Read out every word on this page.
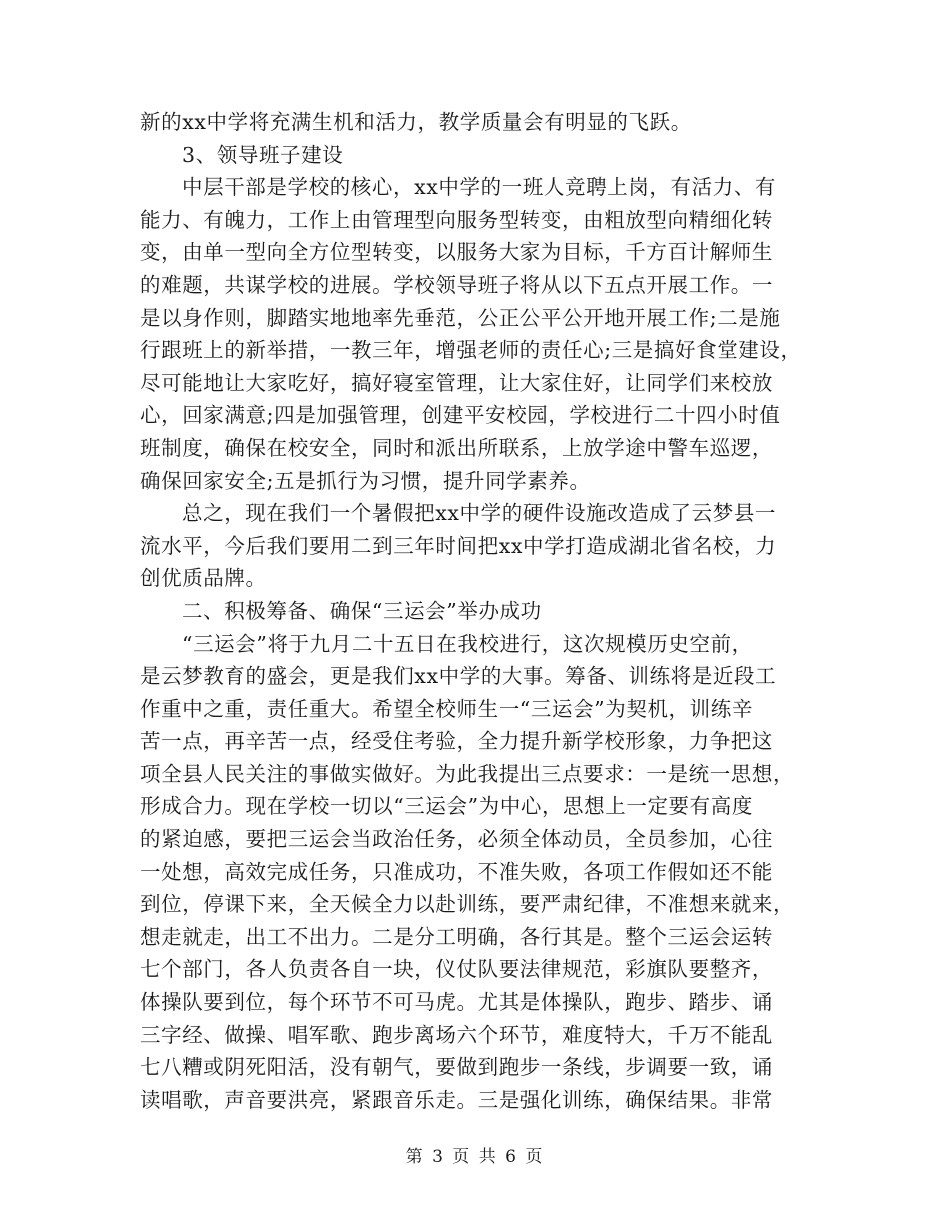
新的xx中学将充满生机和活力，教学质量会有明显的飞跃。
3、领导班子建设
中层干部是学校的核心，xx中学的一班人竞聘上岗，有活力、有
能力、有魄力，工作上由管理型向服务型转变，由粗放型向精细化转
变，由单一型向全方位型转变，以服务大家为目标，千方百计解师生
的难题，共谋学校的进展。学校领导班子将从以下五点开展工作。一
是以身作则，脚踏实地地率先垂范，公正公平公开地开展工作;二是施
行跟班上的新举措，一教三年，增强老师的责任心;三是搞好食堂建设，
尽可能地让大家吃好，搞好寝室管理，让大家住好，让同学们来校放
心，回家满意;四是加强管理，创建平安校园，学校进行二十四小时值
班制度，确保在校安全，同时和派出所联系，上放学途中警车巡逻，
确保回家安全;五是抓行为习惯，提升同学素养。
总之，现在我们一个暑假把xx中学的硬件设施改造成了云梦县一
流水平，今后我们要用二到三年时间把xx中学打造成湖北省名校，力
创优质品牌。
二、积极筹备、确保“三运会”举办成功
“三运会”将于九月二十五日在我校进行，这次规模历史空前，
是云梦教育的盛会，更是我们xx中学的大事。筹备、训练将是近段工
作重中之重，责任重大。希望全校师生一“三运会”为契机，训练辛
苦一点，再辛苦一点，经受住考验，全力提升新学校形象，力争把这
项全县人民关注的事做实做好。为此我提出三点要求：一是统一思想，
形成合力。现在学校一切以“三运会”为中心，思想上一定要有高度
的紧迫感，要把三运会当政治任务，必须全体动员，全员参加，心往
一处想，高效完成任务，只准成功，不准失败，各项工作假如还不能
到位，停课下来，全天候全力以赴训练，要严肃纪律，不准想来就来，
想走就走，出工不出力。二是分工明确，各行其是。整个三运会运转
七个部门，各人负责各自一块，仪仗队要法律规范，彩旗队要整齐，
体操队要到位，每个环节不可马虎。尤其是体操队，跑步、踏步、诵
三字经、做操、唱军歌、跑步离场六个环节，难度特大，千万不能乱
七八糟或阴死阳活，没有朝气，要做到跑步一条线，步调要一致，诵
读唱歌，声音要洪亮，紧跟音乐走。三是强化训练，确保结果。非常
第 3 页 共 6 页
